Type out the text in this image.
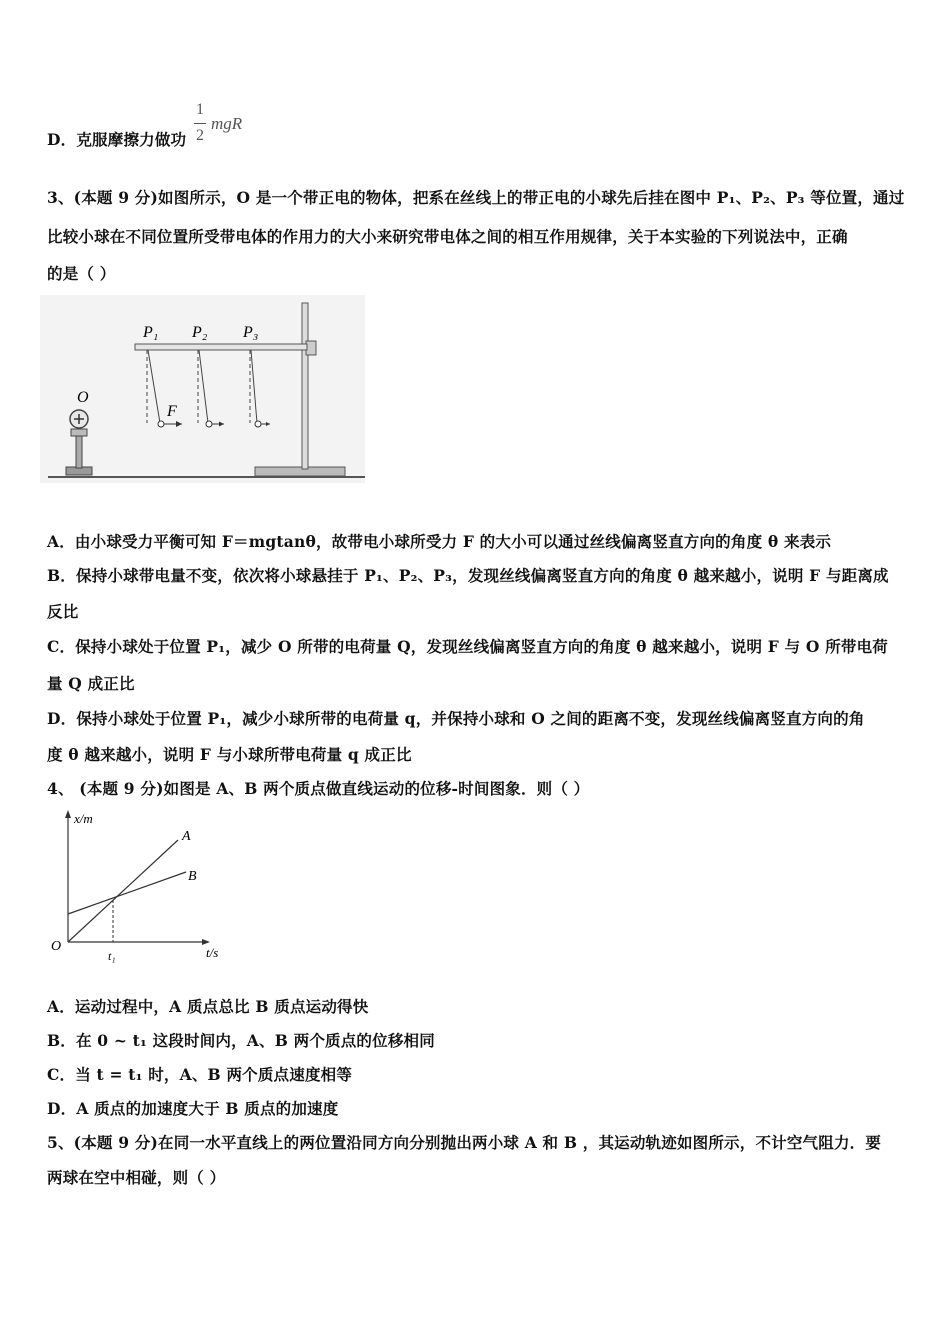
D．克服摩擦力做功
1
2
mgR
3、(本题 9 分)如图所示，O 是一个带正电的物体，把系在丝线上的带正电的小球先后挂在图中 P₁、P₂、P₃ 等位置，通过
比较小球在不同位置所受带电体的作用力的大小来研究带电体之间的相互作用规律，关于本实验的下列说法中，正确
的是（ ）
O
F
P₁ P₂ P₃
A．由小球受力平衡可知 F＝mgtanθ，故带电小球所受力 F 的大小可以通过丝线偏离竖直方向的角度 θ 来表示
B．保持小球带电量不变，依次将小球悬挂于 P₁、P₂、P₃，发现丝线偏离竖直方向的角度 θ 越来越小，说明 F 与距离成
反比
C．保持小球处于位置 P₁，减少 O 所带的电荷量 Q，发现丝线偏离竖直方向的角度 θ 越来越小，说明 F 与 O 所带电荷
量 Q 成正比
D．保持小球处于位置 P₁，减少小球所带的电荷量 q，并保持小球和 O 之间的距离不变，发现丝线偏离竖直方向的角
度 θ 越来越小，说明 F 与小球所带电荷量 q 成正比
4、 (本题 9 分)如图是 A、B 两个质点做直线运动的位移-时间图象．则（ ）
A
B
x/m
t/s
O
t₁
A．运动过程中，A 质点总比 B 质点运动得快
B．在 0 ~ t₁ 这段时间内，A、B 两个质点的位移相同
C．当 t = t₁ 时，A、B 两个质点速度相等
D．A 质点的加速度大于 B 质点的加速度
5、(本题 9 分)在同一水平直线上的两位置沿同方向分别抛出两小球 A 和 B ，其运动轨迹如图所示，不计空气阻力．要
两球在空中相碰，则（ ）
